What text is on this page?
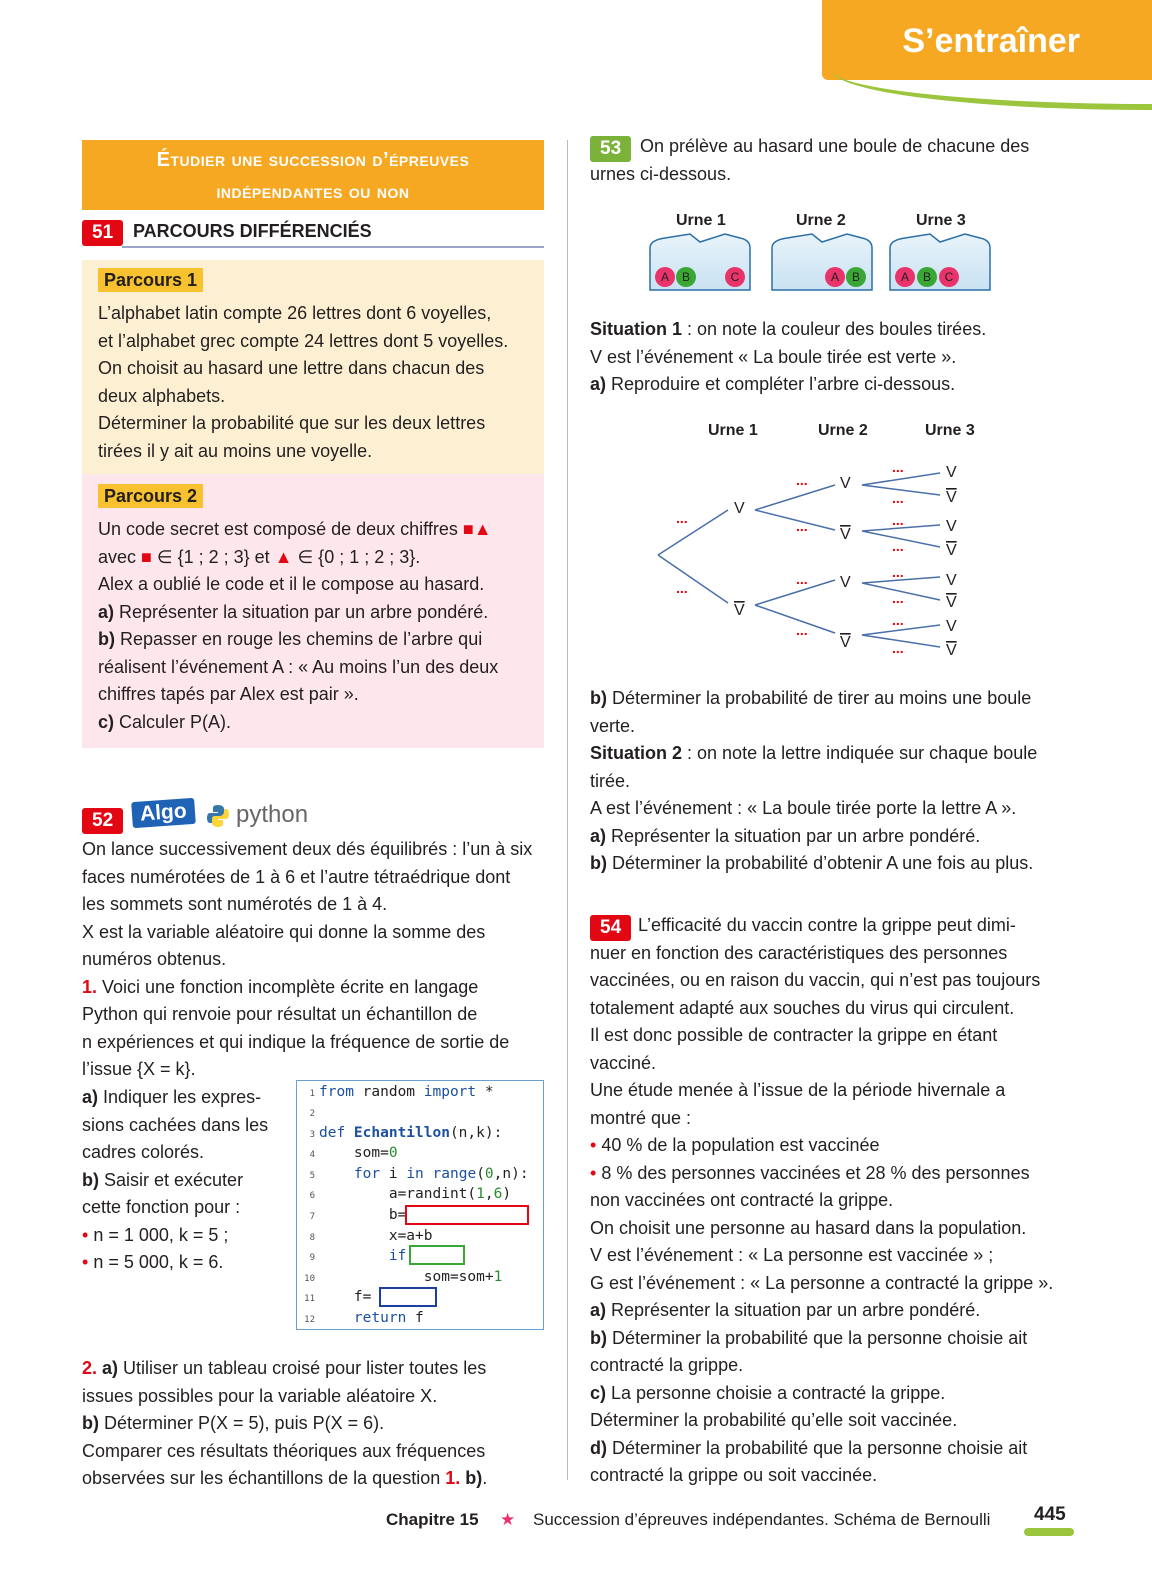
S’entraîner
Étudier une succession d’épreuves
indépendantes ou non
51	PARCOURS DIFFÉRENCIÉS
Parcours 1
L’alphabet latin compte 26 lettres dont 6 voyelles,
et l’alphabet grec compte 24 lettres dont 5 voyelles.
On choisit au hasard une lettre dans chacun des
deux alphabets.
Déterminer la probabilité que sur les deux lettres
tirées il y ait au moins une voyelle.
Parcours 2
Un code secret est composé de deux chiffres ■▲
avec ■ ∈ {1 ; 2 ; 3} et ▲ ∈ {0 ; 1 ; 2 ; 3}.
Alex a oublié le code et il le compose au hasard.
a) Représenter la situation par un arbre pondéré.
b) Repasser en rouge les chemins de l’arbre qui
réalisent l’événement A : « Au moins l’un des deux
chiffres tapés par Alex est pair ».
c) Calculer P(A).
52	Algo	python
On lance successivement deux dés équilibrés : l’un à six
faces numérotées de 1 à 6 et l’autre tétraédrique dont
les sommets sont numérotés de 1 à 4.
X est la variable aléatoire qui donne la somme des
numéros obtenus.
1. Voici une fonction incomplète écrite en langage
Python qui renvoie pour résultat un échantillon de
n expériences et qui indique la fréquence de sortie de
l’issue {X = k}.
a) Indiquer les expres-
sions cachées dans les
cadres colorés.
b) Saisir et exécuter
cette fonction pour :
• n = 1 000, k = 5 ;
• n = 5 000, k = 6.
1 from random import *
2
3 def Echantillon(n,k):
4    som=0
5	for i in range(0,n):
6        a=randint(1,6)
7        b=
8        x=a+b
9	if
10            som=som+1
11    f=
12	return f
2. a) Utiliser un tableau croisé pour lister toutes les
issues possibles pour la variable aléatoire X.
b) Déterminer P(X = 5), puis P(X = 6).
Comparer ces résultats théoriques aux fréquences
observées sur les échantillons de la question 1. b).
53	On prélève au hasard une boule de chacune des
urnes ci-dessous.
Urne 1	Urne 2	Urne 3
A B	C	A B	A B C
Situation 1 : on note la couleur des boules tirées.
V est l’événement « La boule tirée est verte ».
a) Reproduire et compléter l’arbre ci-dessous.
Urne 1	Urne 2	Urne 3
V
V
V
V
V
V
V
V
V
V
V
V
V
V
...
...
...
...
...
...
...
...
...
...
...
...
...
...
b) Déterminer la probabilité de tirer au moins une boule
verte.
Situation 2 : on note la lettre indiquée sur chaque boule
tirée.
A est l’événement : « La boule tirée porte la lettre A ».
a) Représenter la situation par un arbre pondéré.
b) Déterminer la probabilité d’obtenir A une fois au plus.
54 L’efficacité du vaccin contre la grippe peut dimi-
nuer en fonction des caractéristiques des personnes
vaccinées, ou en raison du vaccin, qui n’est pas toujours
totalement adapté aux souches du virus qui circulent.
Il est donc possible de contracter la grippe en étant
vacciné.
Une étude menée à l’issue de la période hivernale a
montré que :
• 40 % de la population est vaccinée
• 8 % des personnes vaccinées et 28 % des personnes
non vaccinées ont contracté la grippe.
On choisit une personne au hasard dans la population.
V est l’événement : « La personne est vaccinée » ;
G est l’événement : « La personne a contracté la grippe ».
a) Représenter la situation par un arbre pondéré.
b) Déterminer la probabilité que la personne choisie ait
contracté la grippe.
c) La personne choisie a contracté la grippe.
Déterminer la probabilité qu’elle soit vaccinée.
d) Déterminer la probabilité que la personne choisie ait
contracté la grippe ou soit vaccinée.
Chapitre 15 ★ Succession d’épreuves indépendantes. Schéma de Bernoulli 445
